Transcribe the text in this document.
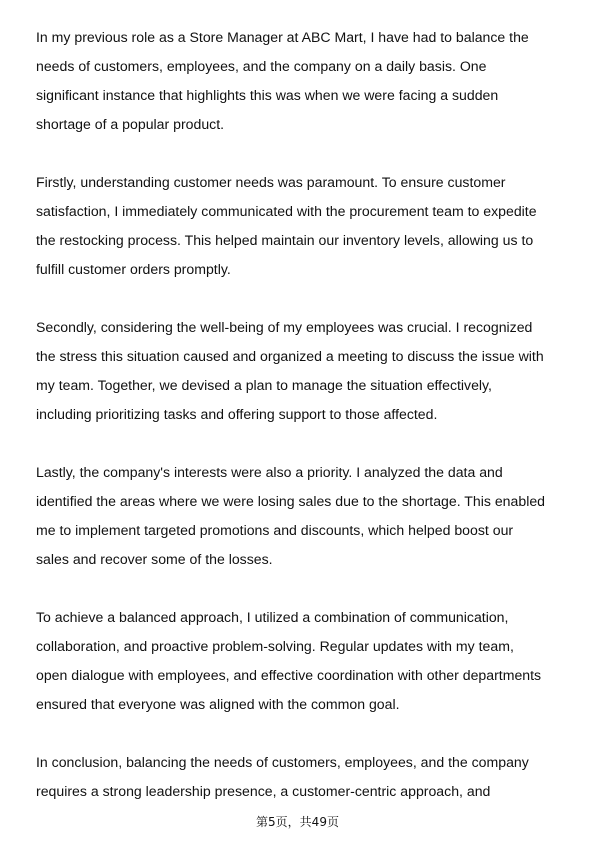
In my previous role as a Store Manager at ABC Mart, I have had to balance the
needs of customers, employees, and the company on a daily basis. One
significant instance that highlights this was when we were facing a sudden
shortage of a popular product.
Firstly, understanding customer needs was paramount. To ensure customer
satisfaction, I immediately communicated with the procurement team to expedite
the restocking process. This helped maintain our inventory levels, allowing us to
fulfill customer orders promptly.
Secondly, considering the well-being of my employees was crucial. I recognized
the stress this situation caused and organized a meeting to discuss the issue with
my team. Together, we devised a plan to manage the situation effectively,
including prioritizing tasks and offering support to those affected.
Lastly, the company's interests were also a priority. I analyzed the data and
identified the areas where we were losing sales due to the shortage. This enabled
me to implement targeted promotions and discounts, which helped boost our
sales and recover some of the losses.
To achieve a balanced approach, I utilized a combination of communication,
collaboration, and proactive problem-solving. Regular updates with my team,
open dialogue with employees, and effective coordination with other departments
ensured that everyone was aligned with the common goal.
In conclusion, balancing the needs of customers, employees, and the company
requires a strong leadership presence, a customer-centric approach, and
第5页，共49页
